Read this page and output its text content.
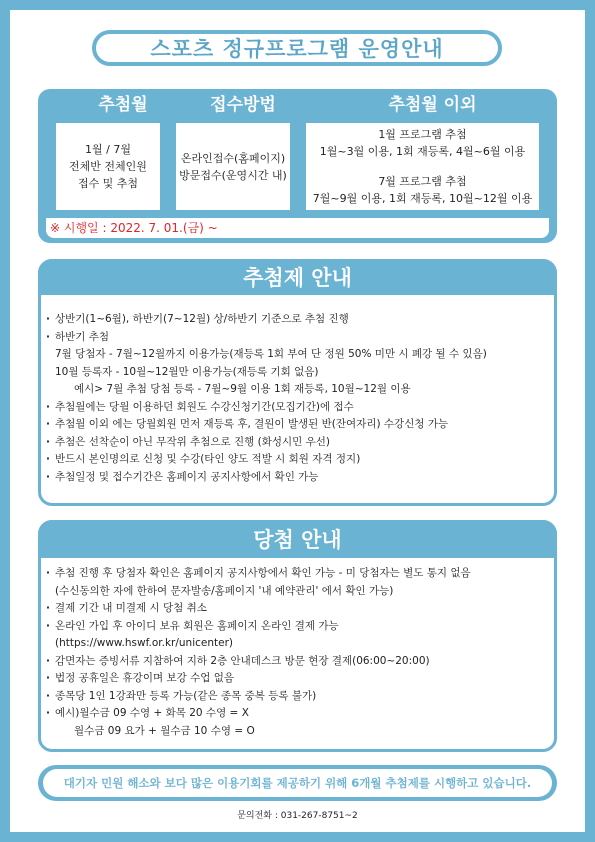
스포츠 정규프로그램 운영안내
추첨월	접수방법	추첨월 이외
1월 / 7월
전체반 전체인원
접수 및 추첨
온라인접수(홈페이지)
방문접수(운영시간 내)
1월 프로그램 추첨
1월~3월 이용, 1회 재등록, 4월~6월 이용
7월 프로그램 추첨
7월~9월 이용, 1회 재등록, 10월~12월 이용
※ 시행일 : 2022. 7. 01.(금) ~
추첨제 안내
· 상반기(1~6월), 하반기(7~12월) 상/하반기 기준으로 추첨 진행
· 하반기 추첨
7월 당첨자 - 7월~12월까지 이용가능(재등록 1회 부여 단 정원 50% 미만 시 폐강 될 수 있음)
10월 등록자 - 10월~12월만 이용가능(재등록 기회 없음)
예시> 7월 추첨 당첨 등록 - 7월~9월 이용 1회 재등록, 10월~12월 이용
· 추첨월에는 당월 이용하던 회원도 수강신청기간(모집기간)에 접수
· 추첨월 이외 에는 당월회원 먼저 재등록 후, 결원이 발생된 반(잔여자리) 수강신청 가능
· 추첨은 선착순이 아닌 무작위 추첨으로 진행 (화성시민 우선)
· 반드시 본인명의로 신청 및 수강(타인 양도 적발 시 회원 자격 정지)
· 추첨일정 및 접수기간은 홈페이지 공지사항에서 확인 가능
당첨 안내
· 추첨 진행 후 당첨자 확인은 홈페이지 공지사항에서 확인 가능 - 미 당첨자는 별도 통지 없음
(수신동의한 자에 한하여 문자발송/홈페이지 '내 예약관리' 에서 확인 가능)
· 결제 기간 내 미결제 시 당첨 취소
· 온라인 가입 후 아이디 보유 회원은 홈페이지 온라인 결제 가능
(https://www.hswf.or.kr/unicenter)
· 감면자는 증빙서류 지참하여 지하 2층 안내데스크 방문 현장 결제(06:00~20:00)
· 법정 공휴일은 휴강이며 보강 수업 없음
· 종목당 1인 1강좌만 등록 가능(같은 종목 중복 등록 불가)
· 예시)월수금 09 수영 + 화목 20 수영 = X
월수금 09 요가 + 월수금 10 수영 = O
대기자 민원 해소와 보다 많은 이용기회를 제공하기 위해 6개월 추첨제를 시행하고 있습니다.
문의전화 : 031-267-8751~2
